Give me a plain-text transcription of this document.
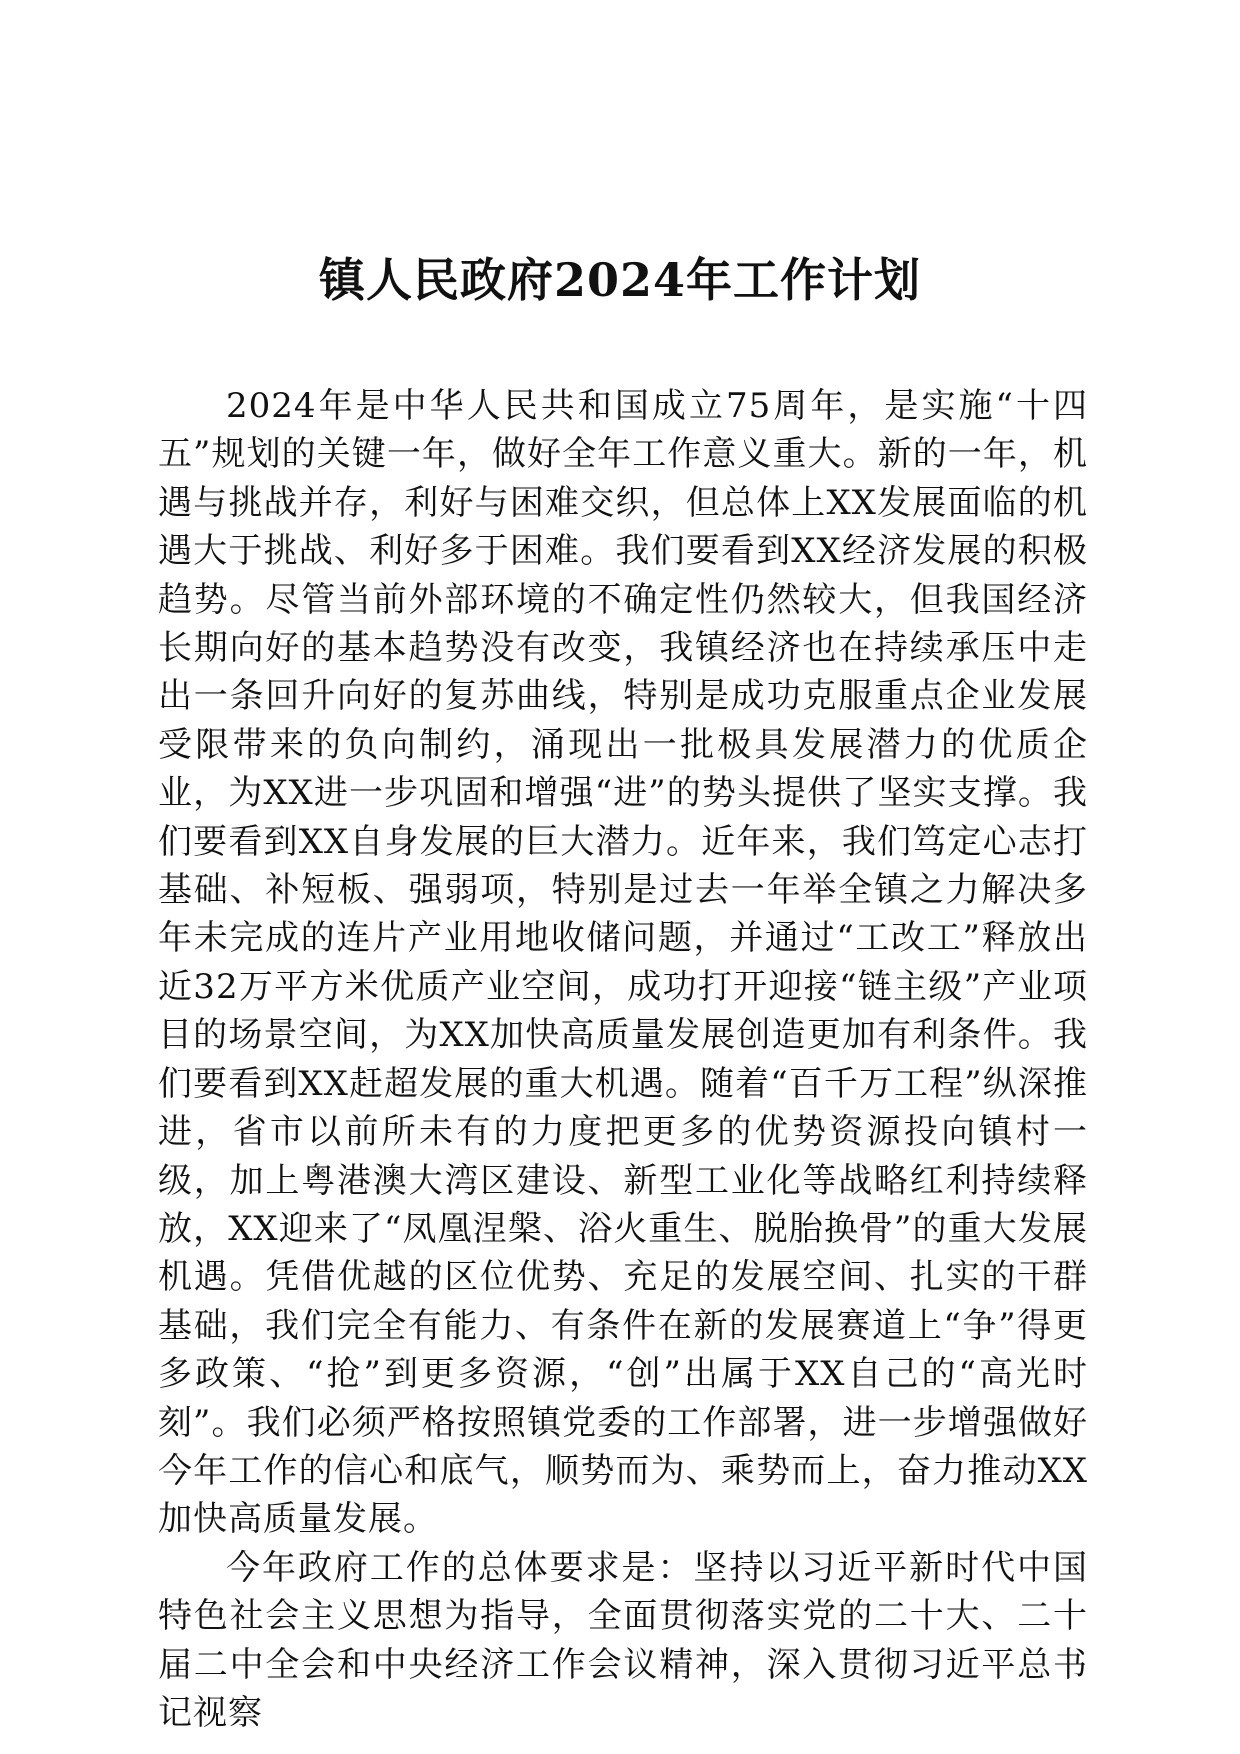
镇人民政府2024年工作计划

2024年是中华人民共和国成立75周年，是实施“十四五”规划的关键一年，做好全年工作意义重大。新的一年，机遇与挑战并存，利好与困难交织，但总体上XX发展面临的机遇大于挑战、利好多于困难。我们要看到XX经济发展的积极趋势。尽管当前外部环境的不确定性仍然较大，但我国经济长期向好的基本趋势没有改变，我镇经济也在持续承压中走出一条回升向好的复苏曲线，特别是成功克服重点企业发展受限带来的负向制约，涌现出一批极具发展潜力的优质企业，为XX进一步巩固和增强“进”的势头提供了坚实支撑。我们要看到XX自身发展的巨大潜力。近年来，我们笃定心志打基础、补短板、强弱项，特别是过去一年举全镇之力解决多年未完成的连片产业用地收储问题，并通过“工改工”释放出近32万平方米优质产业空间，成功打开迎接“链主级”产业项目的场景空间，为XX加快高质量发展创造更加有利条件。我们要看到XX赶超发展的重大机遇。随着“百千万工程”纵深推进，省市以前所未有的力度把更多的优势资源投向镇村一级，加上粤港澳大湾区建设、新型工业化等战略红利持续释放，XX迎来了“凤凰涅槃、浴火重生、脱胎换骨”的重大发展机遇。凭借优越的区位优势、充足的发展空间、扎实的干群基础，我们完全有能力、有条件在新的发展赛道上“争”得更多政策、“抢”到更多资源，“创”出属于XX自己的“高光时刻”。我们必须严格按照镇党委的工作部署，进一步增强做好今年工作的信心和底气，顺势而为、乘势而上，奋力推动XX加快高质量发展。

今年政府工作的总体要求是：坚持以习近平新时代中国特色社会主义思想为指导，全面贯彻落实党的二十大、二十届二中全会和中央经济工作会议精神，深入贯彻习近平总书记视察
